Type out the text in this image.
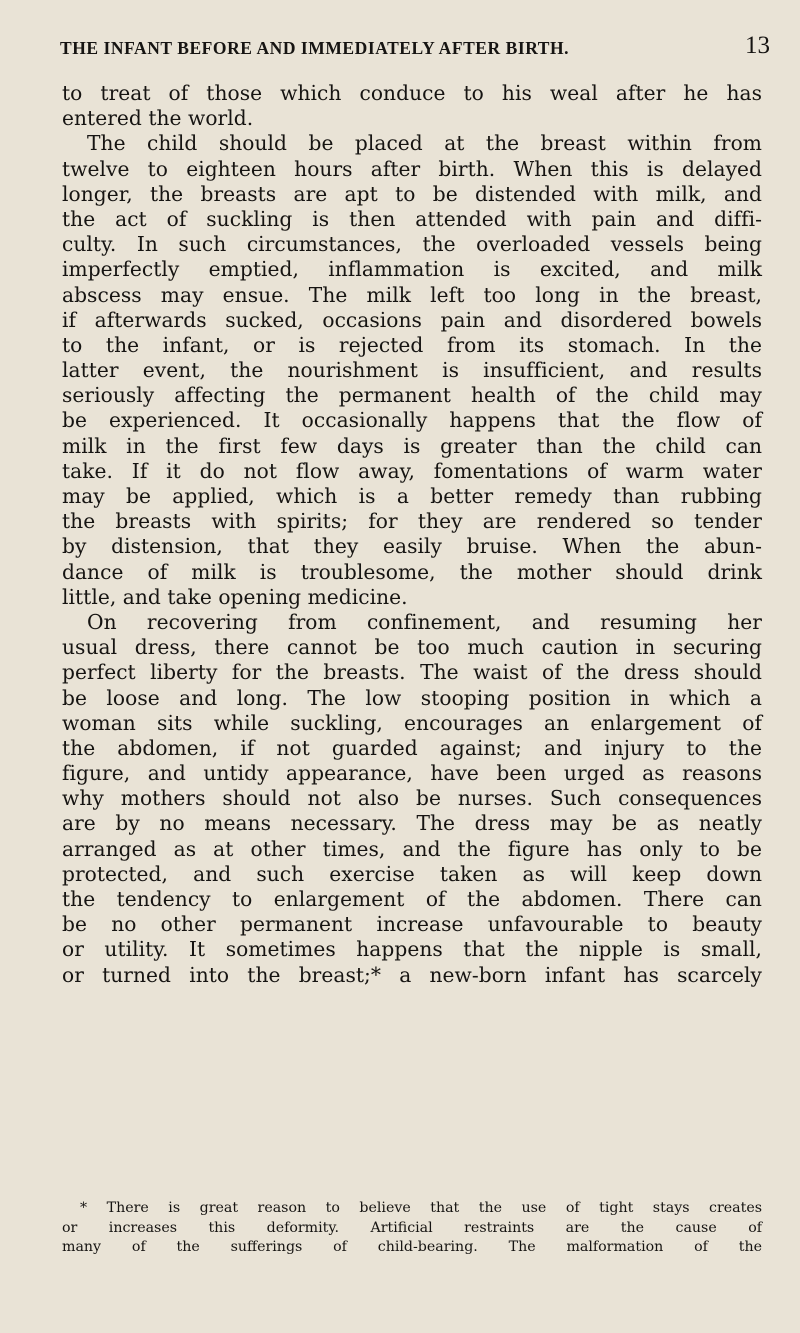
THE INFANT BEFORE AND IMMEDIATELY AFTER BIRTH.	13
to treat of those which conduce to his weal after he has
entered the world.
The child should be placed at the breast within from
twelve to eighteen hours after birth. When this is delayed
longer, the breasts are apt to be distended with milk, and
the act of suckling is then attended with pain and diffi-
culty. In such circumstances, the overloaded vessels being
imperfectly emptied, inflammation is excited, and milk
abscess may ensue. The milk left too long in the breast,
if afterwards sucked, occasions pain and disordered bowels
to the infant, or is rejected from its stomach. In the
latter event, the nourishment is insufficient, and results
seriously affecting the permanent health of the child may
be experienced. It occasionally happens that the flow of
milk in the first few days is greater than the child can
take. If it do not flow away, fomentations of warm water
may be applied, which is a better remedy than rubbing
the breasts with spirits; for they are rendered so tender
by distension, that they easily bruise. When the abun-
dance of milk is troublesome, the mother should drink
little, and take opening medicine.
On recovering from confinement, and resuming her
usual dress, there cannot be too much caution in securing
perfect liberty for the breasts. The waist of the dress should
be loose and long. The low stooping position in which a
woman sits while suckling, encourages an enlargement of
the abdomen, if not guarded against; and injury to the
figure, and untidy appearance, have been urged as reasons
why mothers should not also be nurses. Such consequences
are by no means necessary. The dress may be as neatly
arranged as at other times, and the figure has only to be
protected, and such exercise taken as will keep down
the tendency to enlargement of the abdomen. There can
be no other permanent increase unfavourable to beauty
or utility. It sometimes happens that the nipple is small,
or turned into the breast;* a new-born infant has scarcely
* There is great reason to believe that the use of tight stays creates
or increases this deformity. Artificial restraints are the cause of
many of the sufferings of child-bearing. The malformation of the
